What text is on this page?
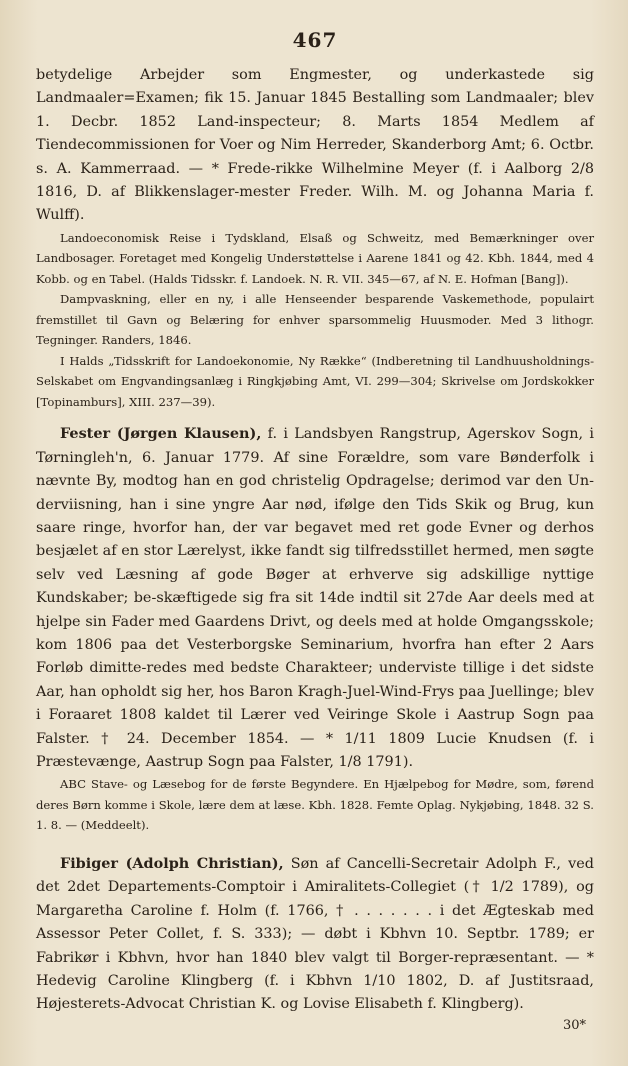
467

betydelige Arbejder som Engmester, og underkastede sig Landmaaler=Examen; fik 15. Januar 1845 Bestalling som Landmaaler; blev 1. Decbr. 1852 Land-inspecteur; 8. Marts 1854 Medlem af Tiendecommissionen for Voer og Nim Herreder, Skanderborg Amt; 6. Octbr. s. A. Kammerraad. — * Frede-rikke Wilhelmine Meyer (f. i Aalborg 2/8 1816, D. af Blikkenslager-mester Freder. Wilh. M. og Johanna Maria f. Wulff).

Landoeconomisk Reise i Tydskland, Elsaß og Schweitz, med Bemærkninger over Landbosager. Foretaget med Kongelig Understøttelse i Aarene 1841 og 42. Kbh. 1844, med 4 Kobb. og en Tabel. (Halds Tidsskr. f. Landoek. N. R. VII. 345—67, af N. E. Hofman [Bang]).

Dampvaskning, eller en ny, i alle Henseender besparende Vaskemethode, populairt fremstillet til Gavn og Belæring for enhver sparsommelig Huusmoder. Med 3 lithogr. Tegninger. Randers, 1846.

I Halds „Tidsskrift for Landoekonomie, Ny Række“ (Indberetning til Landhuusholdnings-Selskabet om Engvandingsanlæg i Ringkjøbing Amt, VI. 299—304; Skrivelse om Jordskokker [Topinamburs], XIII. 237—39).

Fester (Jørgen Klausen), f. i Landsbyen Rangstrup, Agerskov Sogn, i Tørningleh'n, 6. Januar 1779. Af sine Forældre, som vare Bønderfolk i nævnte By, modtog han en god christelig Opdragelse; derimod var den Un-derviisning, han i sine yngre Aar nød, ifølge den Tids Skik og Brug, kun saare ringe, hvorfor han, der var begavet med ret gode Evner og derhos besjælet af en stor Lærelyst, ikke fandt sig tilfredsstillet hermed, men søgte selv ved Læsning af gode Bøger at erhverve sig adskillige nyttige Kundskaber; be-skæftigede sig fra sit 14de indtil sit 27de Aar deels med at hjelpe sin Fader med Gaardens Drivt, og deels med at holde Omgangsskole; kom 1806 paa det Vesterborgske Seminarium, hvorfra han efter 2 Aars Forløb dimitte-redes med bedste Charakteer; underviste tillige i det sidste Aar, han opholdt sig her, hos Baron Kragh-Juel-Wind-Frys paa Juellinge; blev i Foraaret 1808 kaldet til Lærer ved Veiringe Skole i Aastrup Sogn paa Falster. † 24. December 1854. — * 1/11 1809 Lucie Knudsen (f. i Præstevænge, Aastrup Sogn paa Falster, 1/8 1791).

ABC Stave- og Læsebog for de første Begyndere. En Hjælpebog for Mødre, som, førend deres Børn komme i Skole, lære dem at læse. Kbh. 1828. Femte Oplag. Nykjøbing, 1848. 32 S. 1. 8. — (Meddeelt).

Fibiger (Adolph Christian), Søn af Cancelli-Secretair Adolph F., ved det 2det Departements-Comptoir i Amiralitets-Collegiet († 1/2 1789), og Margaretha Caroline f. Holm (f. 1766, † . . . . . . . i det Ægteskab med Assessor Peter Collet, f. S. 333); — døbt i Kbhvn 10. Septbr. 1789; er Fabrikør i Kbhvn, hvor han 1840 blev valgt til Borger-repræsentant. — * Hedevig Caroline Klingberg (f. i Kbhvn 1/10 1802, D. af Justitsraad, Højesterets-Advocat Christian K. og Lovise Elisabeth f. Klingberg).

30*
